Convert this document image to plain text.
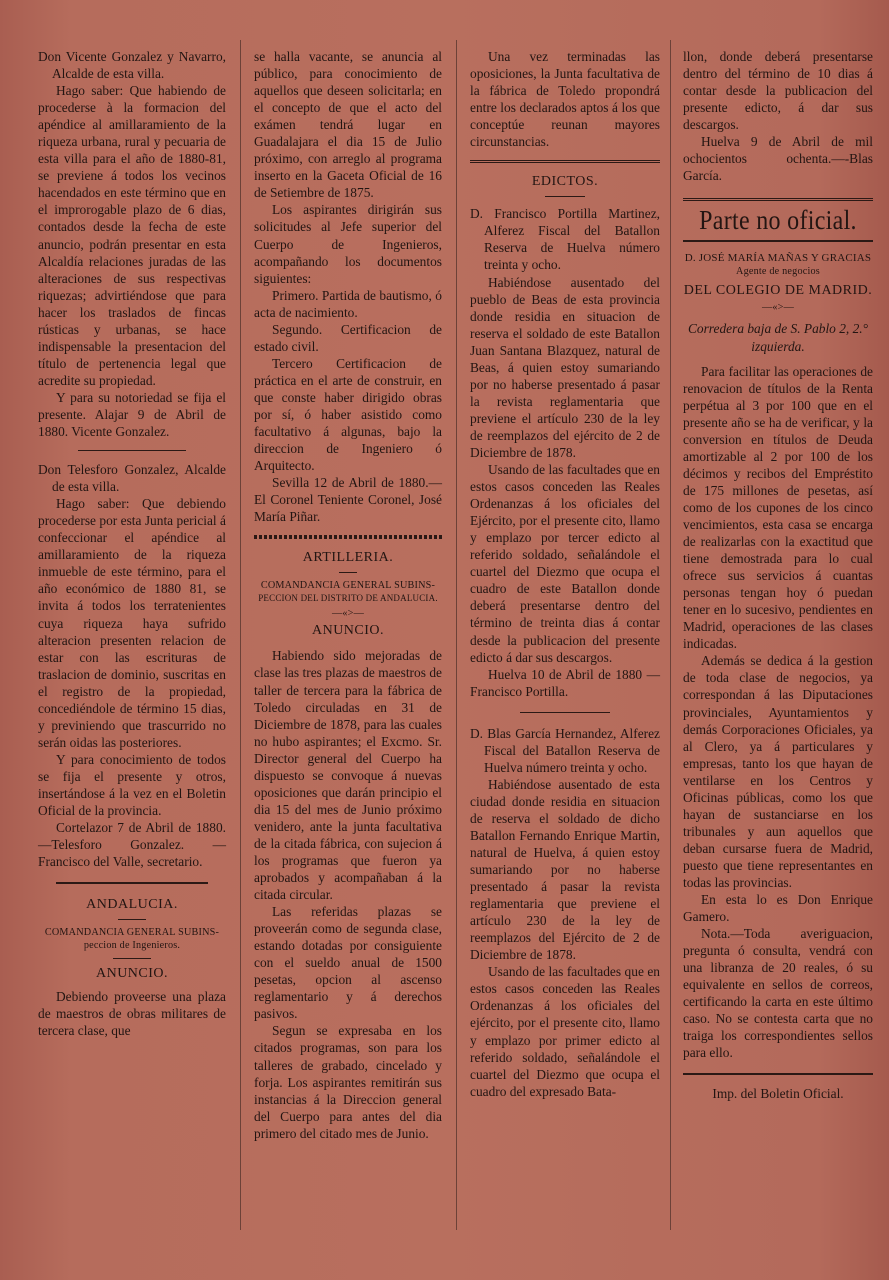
Don Vicente Gonzalez y Navarro, Alcalde de esta villa.

Hago saber: Que habiendo de procederse à la formacion del apéndice al amillaramiento de la riqueza urbana, rural y pecuaria de esta villa para el año de 1880-81, se previene á todos los vecinos hacendados en este término que en el improrogable plazo de 6 dias, contados desde la fecha de este anuncio, podrán presentar en esta Alcaldía relaciones juradas de las alteraciones de sus respectivas riquezas; advirtiéndose que para hacer los traslados de fincas rústicas y urbanas, se hace indispensable la presentacion del título de pertenencia legal que acredite su propiedad.

Y para su notoriedad se fija el presente. Alajar 9 de Abril de 1880. Vicente Gonzalez.

Don Telesforo Gonzalez, Alcalde de esta villa.

Hago saber: Que debiendo procederse por esta Junta pericial á confeccionar el apéndice al amillaramiento de la riqueza inmueble de este término, para el año económico de 1880 81, se invita á todos los terratenientes cuya riqueza haya sufrido alteracion presenten relacion de estar con las escrituras de traslacion de dominio, suscritas en el registro de la propiedad, concediéndole de término 15 dias, y previniendo que trascurrido no serán oidas las posteriores.

Y para conocimiento de todos se fija el presente y otros, insertándose á la vez en el Boletin Oficial de la provincia.

Cortelazor 7 de Abril de 1880.—Telesforo Gonzalez. —Francisco del Valle, secretario.

ANDALUCIA.

COMANDANCIA GENERAL SUBINS-

peccion de Ingenieros.

ANUNCIO.

Debiendo proveerse una plaza de maestros de obras militares de tercera clase, que

se halla vacante, se anuncia al público, para conocimiento de aquellos que deseen solicitarla; en el concepto de que el acto del exámen tendrá lugar en Guadalajara el dia 15 de Julio próximo, con arreglo al programa inserto en la Gaceta Oficial de 16 de Setiembre de 1875.

Los aspirantes dirigirán sus solicitudes al Jefe superior del Cuerpo de Ingenieros, acompañando los documentos siguientes:

Primero. Partida de bautismo, ó acta de nacimiento.

Segundo. Certificacion de estado civil.

Tercero Certificacion de práctica en el arte de construir, en que conste haber dirigido obras por sí, ó haber asistido como facultativo á algunas, bajo la direccion de Ingeniero ó Arquitecto.

Sevilla 12 de Abril de 1880.—El Coronel Teniente Coronel, José María Piñar.

ARTILLERIA.

COMANDANCIA GENERAL SUBINS-

PECCION DEL DISTRITO DE ANDALUCIA.

—«>—

ANUNCIO.

Habiendo sido mejoradas de clase las tres plazas de maestros de taller de tercera para la fábrica de Toledo circuladas en 31 de Diciembre de 1878, para las cuales no hubo aspirantes; el Excmo. Sr. Director general del Cuerpo ha dispuesto se convoque á nuevas oposiciones que darán principio el dia 15 del mes de Junio próximo venidero, ante la junta facultativa de la citada fábrica, con sujecion á los programas que fueron ya aprobados y acompañaban á la citada circular.

Las referidas plazas se proveerán como de segunda clase, estando dotadas por consiguiente con el sueldo anual de 1500 pesetas, opcion al ascenso reglamentario y á derechos pasivos.

Segun se expresaba en los citados programas, son para los talleres de grabado, cincelado y forja. Los aspirantes remitirán sus instancias á la Direccion general del Cuerpo para antes del dia primero del citado mes de Junio.

Una vez terminadas las oposiciones, la Junta facultativa de la fábrica de Toledo propondrá entre los declarados aptos á los que conceptúe reunan mayores circunstancias.

EDICTOS.

D. Francisco Portilla Martinez, Alferez Fiscal del Batallon Reserva de Huelva número treinta y ocho.

Habiéndose ausentado del pueblo de Beas de esta provincia donde residia en situacion de reserva el soldado de este Batallon Juan Santana Blazquez, natural de Beas, á quien estoy sumariando por no haberse presentado á pasar la revista reglamentaria que previene el artículo 230 de la ley de reemplazos del ejército de 2 de Diciembre de 1878.

Usando de las facultades que en estos casos conceden las Reales Ordenanzas á los oficiales del Ejército, por el presente cito, llamo y emplazo por tercer edicto al referido soldado, señalándole el cuartel del Diezmo que ocupa el cuadro de este Batallon donde deberá presentarse dentro del término de treinta dias á contar desde la publicacion del presente edicto á dar sus descargos.

Huelva 10 de Abril de 1880 —Francisco Portilla.

D. Blas García Hernandez, Alferez Fiscal del Batallon Reserva de Huelva número treinta y ocho.

Habiéndose ausentado de esta ciudad donde residia en situacion de reserva el soldado de dicho Batallon Fernando Enrique Martin, natural de Huelva, á quien estoy sumariando por no haberse presentado á pasar la revista reglamentaria que previene el artículo 230 de la ley de reemplazos del Ejército de 2 de Diciembre de 1878.

Usando de las facultades que en estos casos conceden las Reales Ordenanzas á los oficiales del ejército, por el presente cito, llamo y emplazo por primer edicto al referido soldado, señalándole el cuartel del Diezmo que ocupa el cuadro del expresado Bata-

llon, donde deberá presentarse dentro del término de 10 dias á contar desde la publicacion del presente edicto, á dar sus descargos.

Huelva 9 de Abril de mil ochocientos ochenta.—-Blas García.

Parte no oficial.

D. JOSÉ MARÍA MAÑAS Y GRACIAS

Agente de negocios

DEL COLEGIO DE MADRID.

—«>—

Corredera baja de S. Pablo 2, 2.° izquierda.

Para facilitar las operaciones de renovacion de títulos de la Renta perpétua al 3 por 100 que en el presente año se ha de verificar, y la conversion en títulos de Deuda amortizable al 2 por 100 de los décimos y recibos del Empréstito de 175 millones de pesetas, así como de los cupones de los cinco vencimientos, esta casa se encarga de realizarlas con la exactitud que tiene demostrada para lo cual ofrece sus servicios á cuantas personas tengan hoy ó puedan tener en lo sucesivo, pendientes en Madrid, operaciones de las clases indicadas.

Además se dedica á la gestion de toda clase de negocios, ya correspondan á las Diputaciones provinciales, Ayuntamientos y demás Corporaciones Oficiales, ya al Clero, ya á particulares y empresas, tanto los que hayan de ventilarse en los Centros y Oficinas públicas, como los que hayan de sustanciarse en los tribunales y aun aquellos que deban cursarse fuera de Madrid, puesto que tiene representantes en todas las provincias.

En esta lo es Don Enrique Gamero.

Nota.—Toda averiguacion, pregunta ó consulta, vendrá con una libranza de 20 reales, ó su equivalente en sellos de correos, certificando la carta en este último caso. No se contesta carta que no traiga los correspondientes sellos para ello.

Imp. del Boletin Oficial.
